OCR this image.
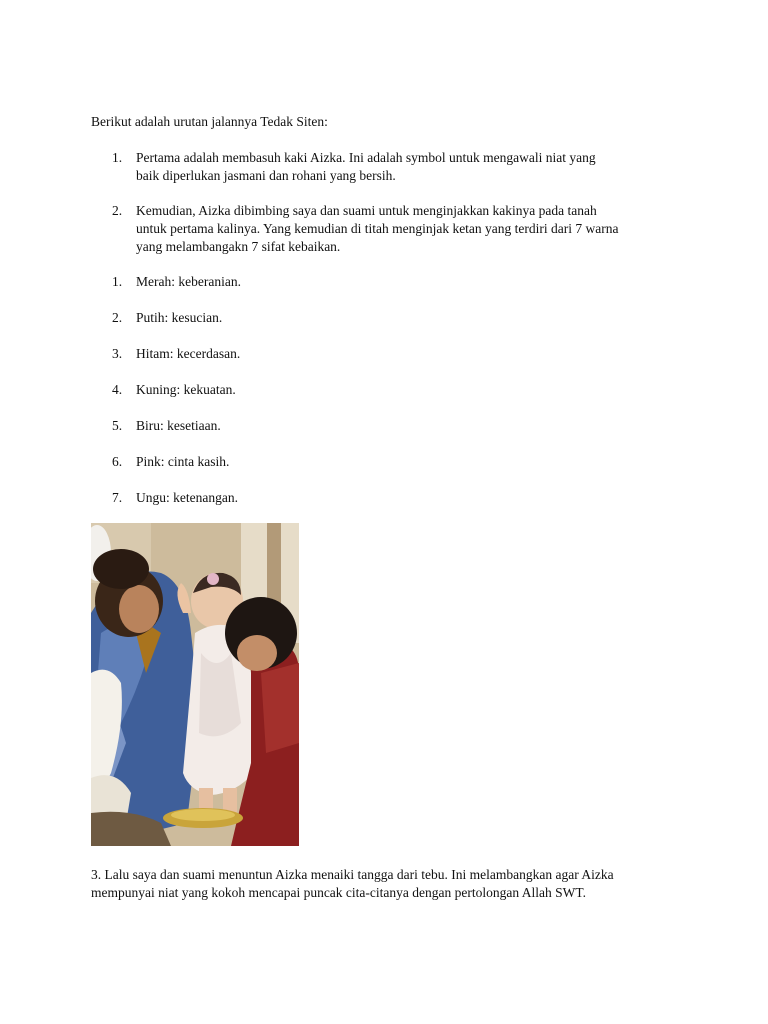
Berikut adalah urutan jalannya Tedak Siten:
1. Pertama adalah membasuh kaki Aizka. Ini adalah symbol untuk mengawali niat yang
baik diperlukan jasmani dan rohani yang bersih.
2. Kemudian, Aizka dibimbing saya dan suami untuk menginjakkan kakinya pada tanah
untuk pertama kalinya. Yang kemudian di titah menginjak ketan yang terdiri dari 7 warna
yang melambangakn 7 sifat kebaikan.
1. Merah: keberanian.
2. Putih: kesucian.
3. Hitam: kecerdasan.
4. Kuning: kekuatan.
5. Biru: kesetiaan.
6. Pink: cinta kasih.
7. Ungu: ketenangan.
3. Lalu saya dan suami menuntun Aizka menaiki tangga dari tebu. Ini melambangkan agar Aizka
mempunyai niat yang kokoh mencapai puncak cita-citanya dengan pertolongan Allah SWT.
